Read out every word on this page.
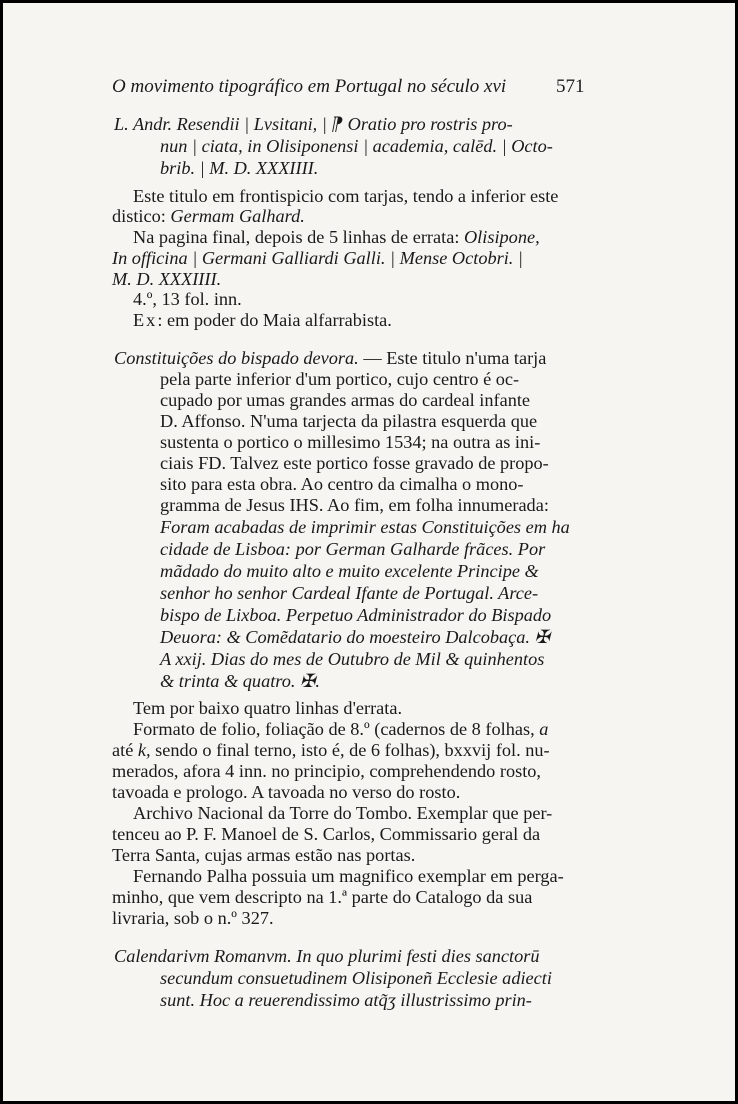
O movimento tipográfico em Portugal no século xvi	571
L. Andr. Resendii | Lvsitani, | ⁋ Oratio pro rostris pro-
nun | ciata, in Olisiponensi | academia, calēd. | Octo-
brib. | M. D. XXXIIII.
Este titulo em frontispicio com tarjas, tendo a inferior este
distico: Germam Galhard.
Na pagina final, depois de 5 linhas de errata: Olisipone,
In officina | Germani Galliardi Galli. | Mense Octobri. |
M. D. XXXIIII.
4.º, 13 fol. inn.
Ex: em poder do Maia alfarrabista.
Constituições do bispado devora. — Este titulo n'uma tarja
pela parte inferior d'um portico, cujo centro é oc-
cupado por umas grandes armas do cardeal infante
D. Affonso. N'uma tarjecta da pilastra esquerda que
sustenta o portico o millesimo 1534; na outra as ini-
ciais FD. Talvez este portico fosse gravado de propo-
sito para esta obra. Ao centro da cimalha o mono-
gramma de Jesus IHS. Ao fim, em folha innumerada:
Foram acabadas de imprimir estas Constituições em ha
cidade de Lisboa: por German Galharde frãces. Por
mãdado do muito alto e muito excelente Principe &
senhor ho senhor Cardeal Ifante de Portugal. Arce-
bispo de Lixboa. Perpetuo Administrador do Bispado
Deuora: & Comẽdatario do moesteiro Dalcobaça. ✠
A xxij. Dias do mes de Outubro de Mil & quinhentos
& trinta & quatro. ✠.
Tem por baixo quatro linhas d'errata.
Formato de folio, foliação de 8.º (cadernos de 8 folhas, a
até k, sendo o final terno, isto é, de 6 folhas), bxxvij fol. nu-
merados, afora 4 inn. no principio, comprehendendo rosto,
tavoada e prologo. A tavoada no verso do rosto.
Archivo Nacional da Torre do Tombo. Exemplar que per-
tenceu ao P. F. Manoel de S. Carlos, Commissario geral da
Terra Santa, cujas armas estão nas portas.
Fernando Palha possuia um magnifico exemplar em perga-
minho, que vem descripto na 1.ª parte do Catalogo da sua
livraria, sob o n.º 327.
Calendarivm Romanvm. In quo plurimi festi dies sanctorū
secundum consuetudinem Olisiponeñ Ecclesie adiecti
sunt. Hoc a reuerendissimo atq̃ʒ illustrissimo prin-
